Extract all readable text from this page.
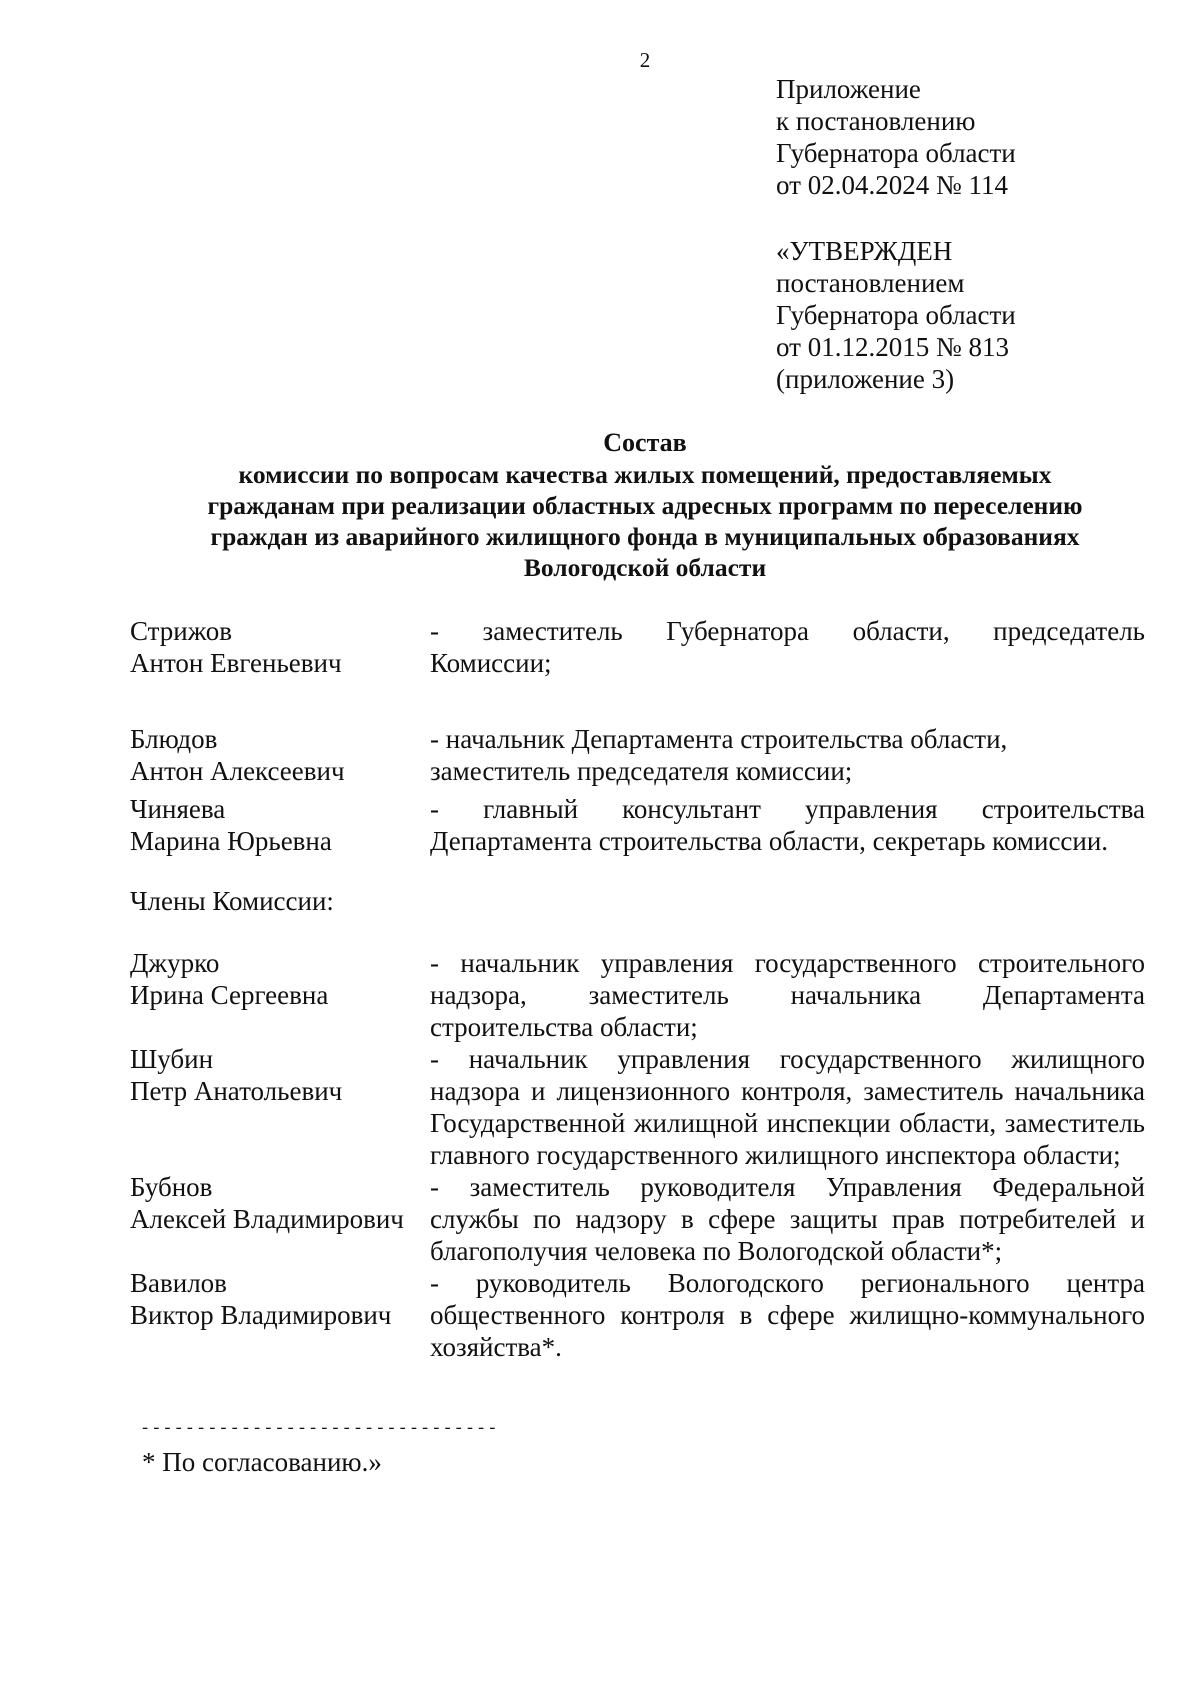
2
Приложение
к постановлению
Губернатора области
от 02.04.2024 № 114
«УТВЕРЖДЕН
постановлением
Губернатора области
от 01.12.2015 № 813
(приложение 3)
Состав
комиссии по вопросам качества жилых помещений, предоставляемых
гражданам при реализации областных адресных программ по переселению
граждан из аварийного жилищного фонда в муниципальных образованиях
Вологодской области
Стрижов
Антон Евгеньевич
-   заместитель   Губернатора   области,   председатель Комиссии;
Блюдов
Антон Алексеевич
- начальник Департамента строительства области, заместитель председателя комиссии;
Чиняева
Марина Юрьевна
-   главный   консультант   управления   строительства Департамента строительства области, секретарь комиссии.
Члены Комиссии:
Джурко
Ирина Сергеевна
- начальник управления государственного строительного надзора, заместитель начальника Департамента строительства области;
Шубин
Петр Анатольевич
- начальник управления государственного жилищного надзора и лицензионного контроля, заместитель начальника Государственной жилищной инспекции области, заместитель главного государственного жилищного инспектора области;
Бубнов
Алексей Владимирович
- заместитель руководителя Управления Федеральной службы по надзору в сфере защиты прав потребителей и благополучия человека по Вологодской области*;
Вавилов
Виктор Владимирович
- руководитель Вологодского регионального центра общественного контроля в сфере жилищно-коммунального хозяйства*.
--------------------------------
* По согласованию.»
